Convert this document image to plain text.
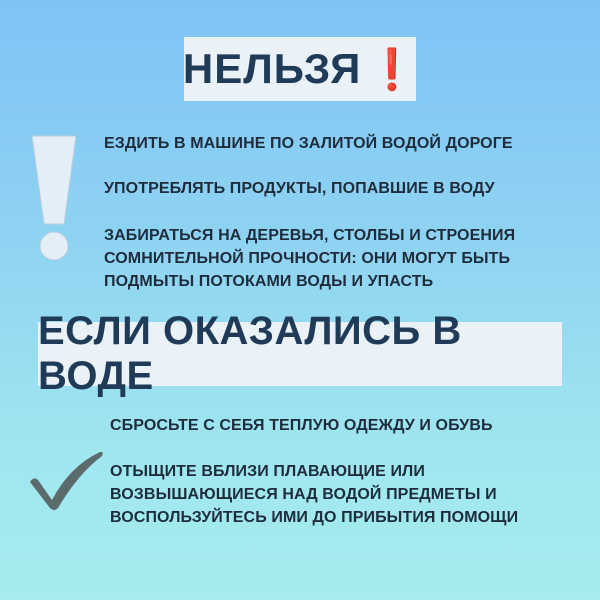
НЕЛЬЗЯ ❗
ЕЗДИТЬ В МАШИНЕ ПО ЗАЛИТОЙ ВОДОЙ ДОРОГЕ
УПОТРЕБЛЯТЬ ПРОДУКТЫ, ПОПАВШИЕ В ВОДУ
ЗАБИРАТЬСЯ НА ДЕРЕВЬЯ, СТОЛБЫ И СТРОЕНИЯ СОМНИТЕЛЬНОЙ ПРОЧНОСТИ: ОНИ МОГУТ БЫТЬ ПОДМЫТЫ ПОТОКАМИ ВОДЫ И УПАСТЬ
ЕСЛИ ОКАЗАЛИСЬ В ВОДЕ
СБРОСЬТЕ С СЕБЯ ТЕПЛУЮ ОДЕЖДУ И ОБУВЬ
ОТЫЩИТЕ ВБЛИЗИ ПЛАВАЮЩИЕ ИЛИ ВОЗВЫШАЮЩИЕСЯ НАД ВОДОЙ ПРЕДМЕТЫ И ВОСПОЛЬЗУЙТЕСЬ ИМИ ДО ПРИБЫТИЯ ПОМОЩИ
